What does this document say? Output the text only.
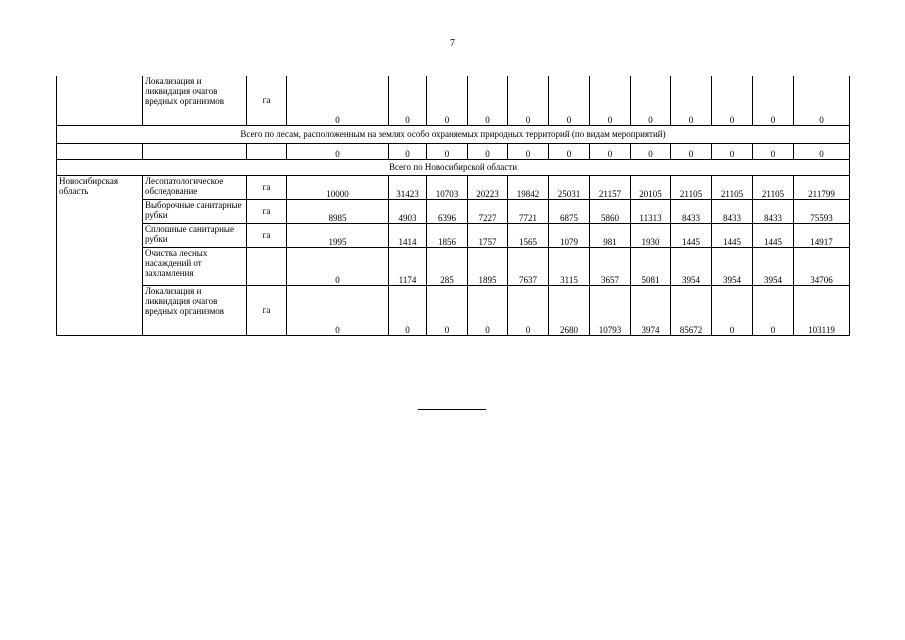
7
	Локализация и ликвидация очагов вредных организмов	га	0	0	0	0	0	0	0	0	0	0	0	0
Всего по лесам, расположенным на землях особо охраняемых природных территорий (по видам мероприятий)														
			0	0	0	0	0	0	0	0	0	0	0	0
Всего по Новосибирской области														
Новосибирская область	Лесопатологическое обследование	га	10000	31423	10703	20223	19842	25031	21157	20105	21105	21105	21105	211799
	Выборочные санитарные рубки	га	8985	4903	6396	7227	7721	6875	5860	11313	8433	8433	8433	75593
	Сплошные санитарные рубки	га	1995	1414	1856	1757	1565	1079	981	1930	1445	1445	1445	14917
	Очистка лесных насаждений от захламления		0	1174	285	1895	7637	3115	3657	5081	3954	3954	3954	34706
	Локализация и ликвидация очагов вредных организмов	га	0	0	0	0	0	2680	10793	3974	85672	0	0	103119
